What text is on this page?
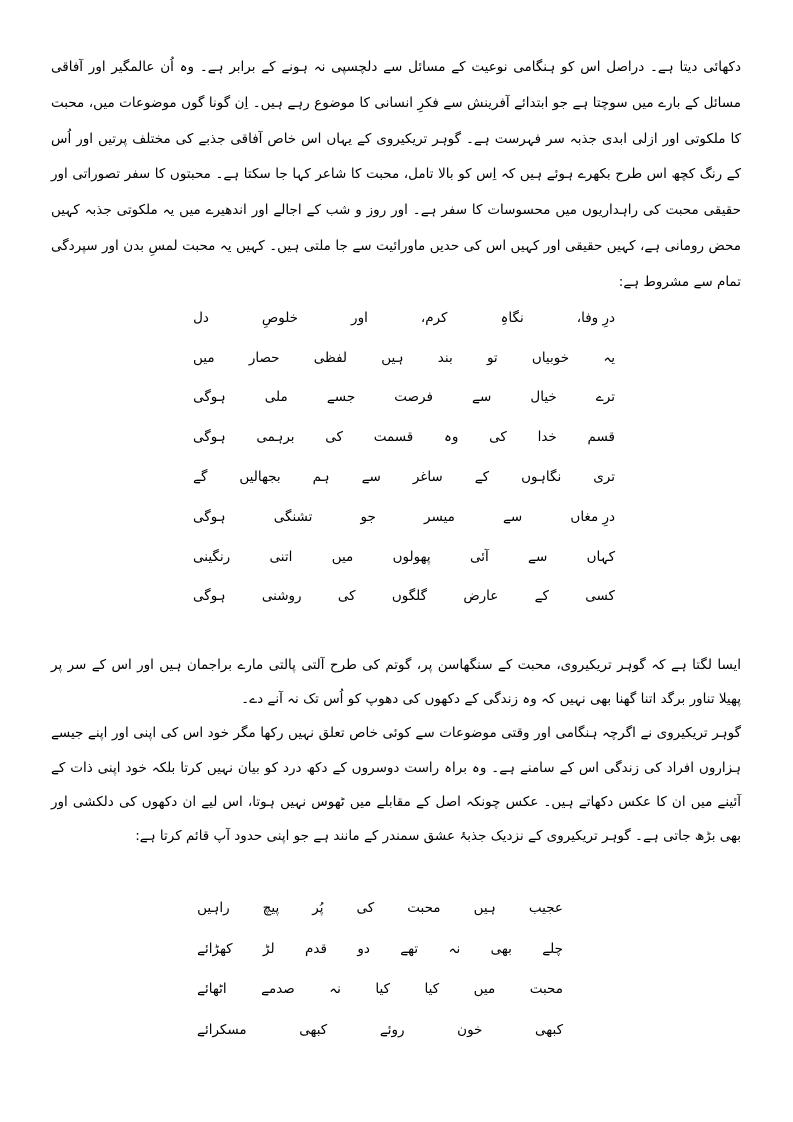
دکھائی دیتا ہے۔ دراصل اس کو ہنگامی نوعیت کے مسائل سے دلچسپی نہ ہونے کے برابر ہے۔ وہ اُن عالمگیر اور آفاقی مسائل کے بارے میں سوچتا ہے جو ابتدائے آفرینش سے فکرِ انسانی کا موضوع رہے ہیں۔ اِن گونا گوں موضوعات میں، محبت کا ملکوتی اور ازلی ابدی جذبہ سر فہرست ہے۔ گوہر تریکیروی کے یہاں اس خاص آفاقی جذبے کی مختلف پرتیں اور اُس کے رنگ کچھ اس طرح بکھرے ہوئے ہیں کہ اِس کو بالا تامل، محبت کا شاعر کہا جا سکتا ہے۔ محبتوں کا سفر تصوراتی اور حقیقی محبت کی راہداریوں میں محسوسات کا سفر ہے۔ اور روز و شب کے اجالے اور اندھیرے میں یہ ملکوتی جذبہ کہیں محض رومانی ہے، کہیں حقیقی اور کہیں اس کی حدیں ماورائیت سے جا ملتی ہیں۔ کہیں یہ محبت لمسِ بدن اور سپردگی تمام سے مشروط ہے:

درِ وفا،
نگاہِ
کرم،
اور
خلوصِ
دل
یہ
خوبیاں
تو
بند
ہیں
لفظی
حصار
میں
ترے
خیال
سے
فرصت
جسے
ملی
ہوگی
قسم
خدا
کی
وہ
قسمت
کی
برہمی
ہوگی
تری
نگاہوں
کے
ساغر
سے
ہم
بجھالیں
گے
درِ مغاں
سے
میسر
جو
تشنگی
ہوگی
کہاں
سے
آئی
پھولوں
میں
اتنی
رنگینی
کسی
کے
عارض
گلگوں
کی
روشنی
ہوگی
ایسا لگتا ہے کہ گوہر تریکیروی، محبت کے سنگھاسن پر، گوتم کی طرح آلتی پالتی مارے براجمان ہیں اور اس کے سر پر پھیلا تناور برگد اتنا گھنا بھی نہیں کہ وہ زندگی کے دکھوں کی دھوپ کو اُس تک نہ آنے دے۔
گوہر تریکیروی نے اگرچہ ہنگامی اور وقتی موضوعات سے کوئی خاص تعلق نہیں رکھا مگر خود اس کی اپنی اور اپنے جیسے ہزاروں افراد کی زندگی اس کے سامنے ہے۔ وہ براہ راست دوسروں کے دکھ درد کو بیان نہیں کرتا بلکہ خود اپنی ذات کے آئینے میں ان کا عکس دکھاتے ہیں۔ عکس چونکہ اصل کے مقابلے میں ٹھوس نہیں ہوتا، اس لیے ان دکھوں کی دلکشی اور بھی بڑھ جاتی ہے۔ گوہر تریکیروی کے نزدیک جذبۂ عشق سمندر کے مانند ہے جو اپنی حدود آپ قائم کرتا ہے:
عجیب
ہیں
محبت
کی
پُر
پیچ
راہیں
چلے
بھی
نہ
تھے
دو
قدم
لڑ
کھڑائے
محبت
میں
کیا
کیا
نہ
صدمے
اٹھائے
کبھی
خون
روئے
کبھی
مسکرائے
